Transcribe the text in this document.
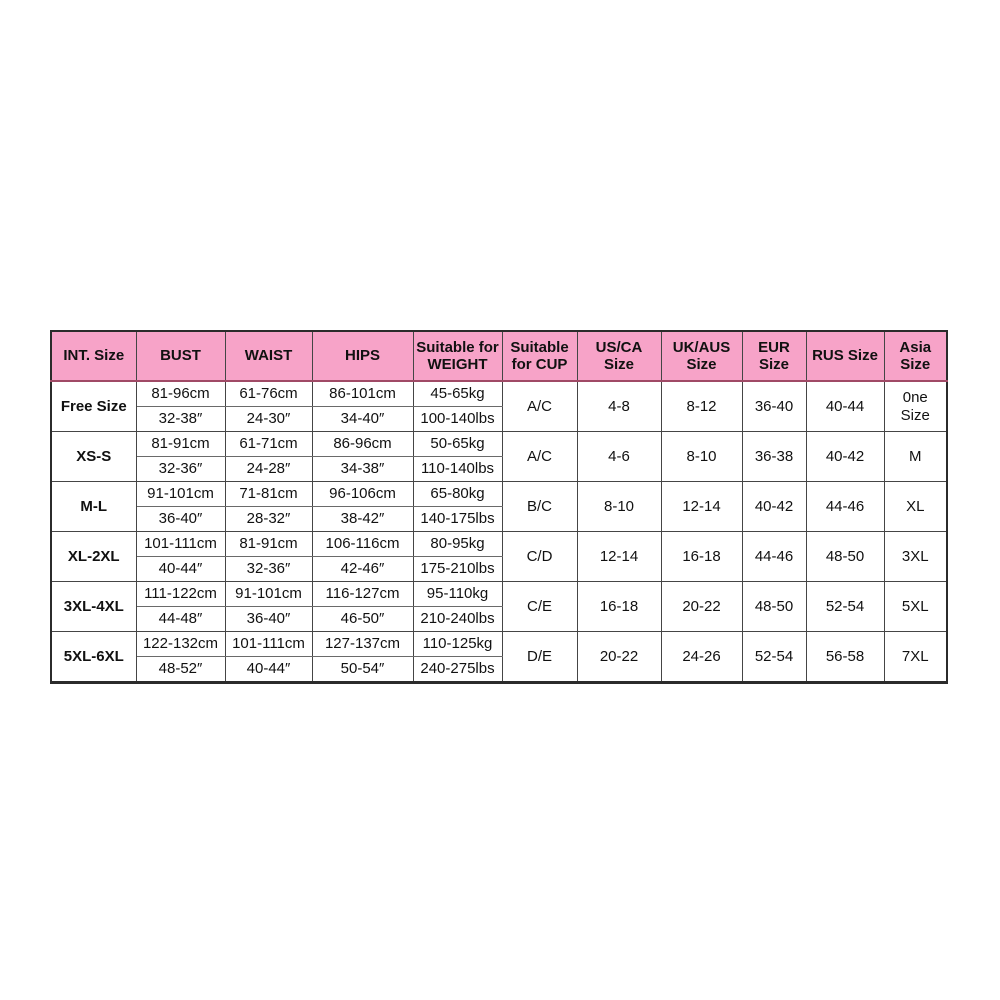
INT. Size	BUST	WAIST	HIPS	Suitable for WEIGHT	Suitable for CUP	US/CA Size	UK/AUS Size	EUR Size	RUS Size	Asia Size
Free Size	81-96cm	61-76cm	86-101cm	45-65kg	A/C	4-8	8-12	36-40	40-44	0ne Size
	32-38″	24-30″	34-40″	100-140lbs						
XS-S	81-91cm	61-71cm	86-96cm	50-65kg	A/C	4-6	8-10	36-38	40-42	M
	32-36″	24-28″	34-38″	110-140lbs						
M-L	91-101cm	71-81cm	96-106cm	65-80kg	B/C	8-10	12-14	40-42	44-46	XL
	36-40″	28-32″	38-42″	140-175lbs						
XL-2XL	101-111cm	81-91cm	106-116cm	80-95kg	C/D	12-14	16-18	44-46	48-50	3XL
	40-44″	32-36″	42-46″	175-210lbs						
3XL-4XL	111-122cm	91-101cm	116-127cm	95-110kg	C/E	16-18	20-22	48-50	52-54	5XL
	44-48″	36-40″	46-50″	210-240lbs						
5XL-6XL	122-132cm	101-111cm	127-137cm	110-125kg	D/E	20-22	24-26	52-54	56-58	7XL
	48-52″	40-44″	50-54″	240-275lbs						
